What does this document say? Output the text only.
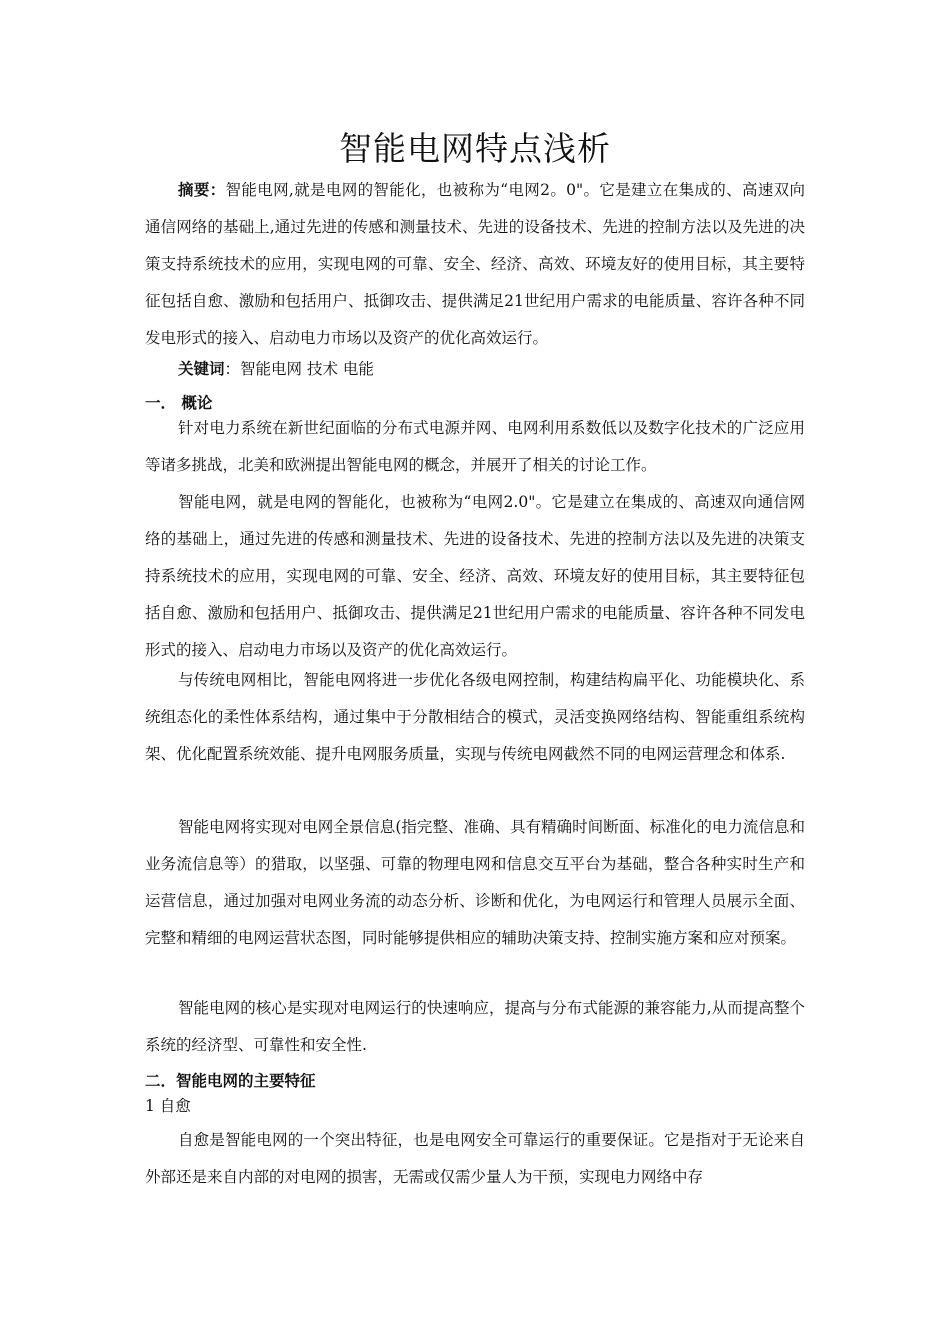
智能电网特点浅析
摘要：智能电网,就是电网的智能化，也被称为“电网2。0"。它是建立在集成的、高速双向通信网络的基础上,通过先进的传感和测量技术、先进的设备技术、先进的控制方法以及先进的决策支持系统技术的应用，实现电网的可靠、安全、经济、高效、环境友好的使用目标，其主要特征包括自愈、激励和包括用户、抵御攻击、提供满足21世纪用户需求的电能质量、容许各种不同发电形式的接入、启动电力市场以及资产的优化高效运行。
关键词：智能电网 技术 电能
一． 概论
针对电力系统在新世纪面临的分布式电源并网、电网利用系数低以及数字化技术的广泛应用等诸多挑战，北美和欧洲提出智能电网的概念，并展开了相关的讨论工作。
智能电网，就是电网的智能化，也被称为“电网2.0"。它是建立在集成的、高速双向通信网络的基础上，通过先进的传感和测量技术、先进的设备技术、先进的控制方法以及先进的决策支持系统技术的应用，实现电网的可靠、安全、经济、高效、环境友好的使用目标，其主要特征包括自愈、激励和包括用户、抵御攻击、提供满足21世纪用户需求的电能质量、容许各种不同发电形式的接入、启动电力市场以及资产的优化高效运行。
与传统电网相比，智能电网将进一步优化各级电网控制，构建结构扁平化、功能模块化、系统组态化的柔性体系结构，通过集中于分散相结合的模式，灵活变换网络结构、智能重组系统构架、优化配置系统效能、提升电网服务质量，实现与传统电网截然不同的电网运营理念和体系.
智能电网将实现对电网全景信息(指完整、准确、具有精确时间断面、标准化的电力流信息和业务流信息等）的猎取，以坚强、可靠的物理电网和信息交互平台为基础，整合各种实时生产和运营信息，通过加强对电网业务流的动态分析、诊断和优化，为电网运行和管理人员展示全面、完整和精细的电网运营状态图，同时能够提供相应的辅助决策支持、控制实施方案和应对预案。
智能电网的核心是实现对电网运行的快速响应，提高与分布式能源的兼容能力,从而提高整个系统的经济型、可靠性和安全性.
二．智能电网的主要特征
1 自愈
自愈是智能电网的一个突出特征，也是电网安全可靠运行的重要保证。它是指对于无论来自外部还是来自内部的对电网的损害，无需或仅需少量人为干预，实现电力网络中存
